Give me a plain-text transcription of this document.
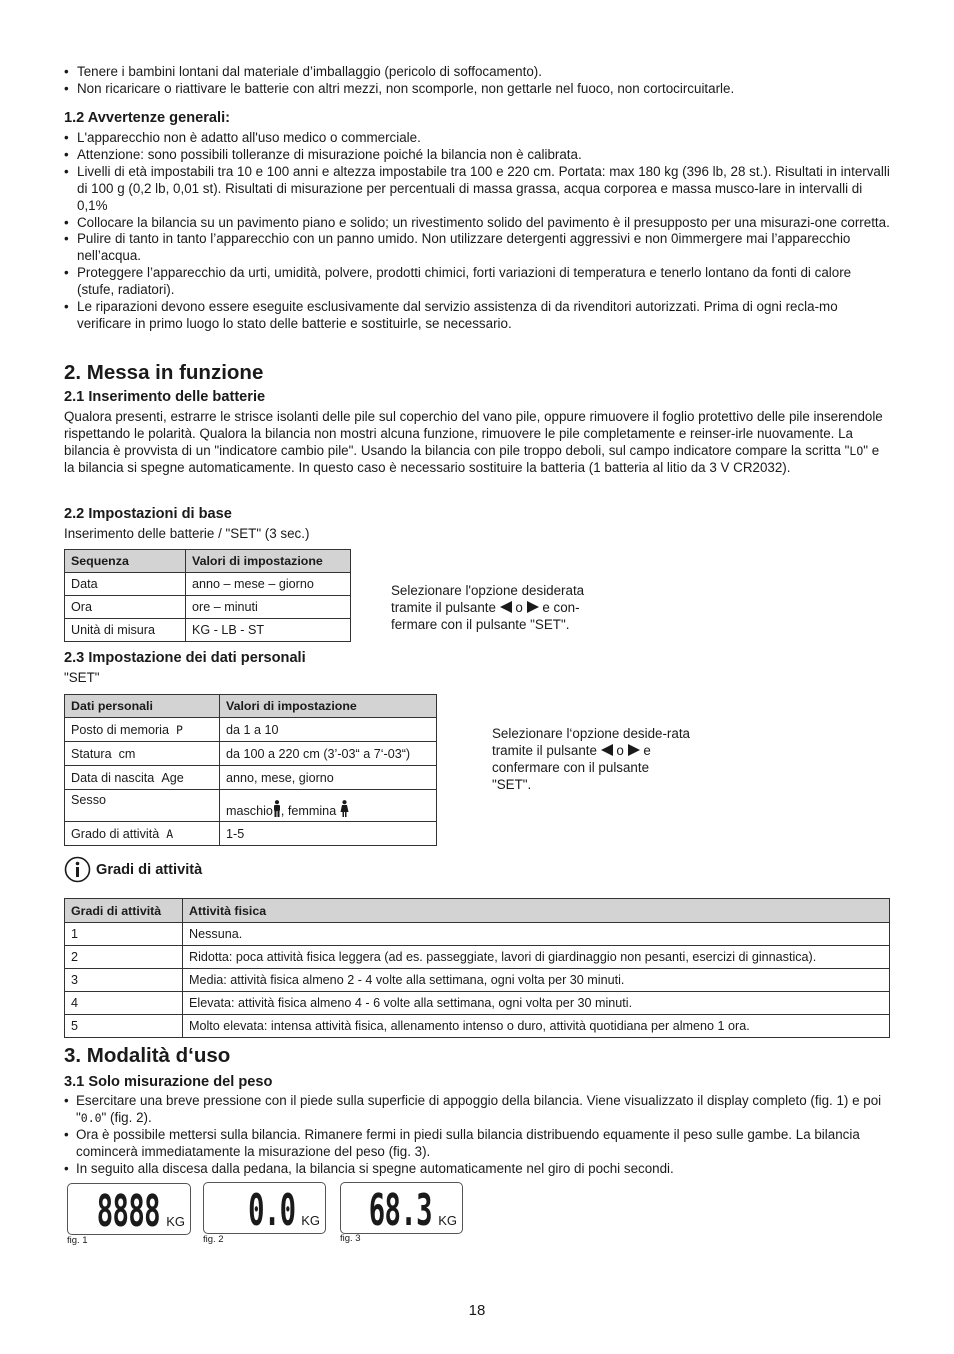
• Tenere i bambini lontani dal materiale d’imballaggio (pericolo di soffocamento).
• Non ricaricare o riattivare le batterie con altri mezzi, non scomporle, non gettarle nel fuoco, non cortocircuitarle.
1.2 Avvertenze generali:
• L'apparecchio non è adatto all'uso medico o commerciale.
• Attenzione: sono possibili tolleranze di misurazione poiché la bilancia non è calibrata.
• Livelli di età impostabili tra 10 e 100 anni e altezza impostabile tra 100 e 220 cm. Portata: max 180 kg (396 lb, 28 st.). Risultati in intervalli di 100 g (0,2 lb, 0,01 st). Risultati di misurazione per percentuali di massa grassa, acqua corporea e massa musco-lare in intervalli di 0,1%
• Collocare la bilancia su un pavimento piano e solido; un rivestimento solido del pavimento è il presupposto per una misurazi-one corretta.
• Pulire di tanto in tanto l’apparecchio con un panno umido. Non utilizzare detergenti aggressivi e non 0immergere mai l’apparecchio nell’acqua.
• Proteggere l’apparecchio da urti, umidità, polvere, prodotti chimici, forti variazioni di temperatura e tenerlo lontano da fonti di calore (stufe, radiatori).
• Le riparazioni devono essere eseguite esclusivamente dal servizio assistenza di da rivenditori autorizzati. Prima di ogni recla-mo verificare in primo luogo lo stato delle batterie e sostituirle, se necessario.
2. Messa in funzione
2.1 Inserimento delle batterie

Qualora presenti, estrarre le strisce isolanti delle pile sul coperchio del vano pile, oppure rimuovere il foglio protettivo delle pile inserendole rispettando le polarità. Qualora la bilancia non mostri alcuna funzione, rimuovere le pile completamente e reinser-irle nuovamente. La bilancia è provvista di un "indicatore cambio pile". Usando la bilancia con pile troppo deboli, sul campo indicatore compare la scritta "LO" e la bilancia si spegne automaticamente. In questo caso è necessario sostituire la batteria (1 batteria al litio da 3 V CR2032).

2.2 Impostazioni di base
Inserimento delle batterie / "SET" (3 sec.)
Sequenza	Valori di impostazione
Data	anno – mese – giorno
Ora	ore – minuti
Unità di misura	KG - LB - ST
Selezionare l'opzione desiderata tramite il pulsante o e con-fermare con il pulsante "SET".
2.3 Impostazione dei dati personali
"SET"
Dati personali	Valori di impostazione
Posto di memoria P	da 1 a 10
Statura cm	da 100 a 220 cm (3’-03“ a 7‘-03“)
Data di nascita Age	anno, mese, giorno
Sesso	maschio , femmina
Grado di attività A	1-5
Selezionare l‘opzione deside-rata tramite il pulsante o e confermare con il pulsante "SET".
Gradi di attività
Gradi di attività	Attività fisica
1	Nessuna.
2	Ridotta: poca attività fisica leggera (ad es. passeggiate, lavori di giardinaggio non pesanti, esercizi di ginnastica).
3	Media: attività fisica almeno 2 - 4 volte alla settimana, ogni volta per 30 minuti.
4	Elevata: attività fisica almeno 4 - 6 volte alla settimana, ogni volta per 30 minuti.
5	Molto elevata: intensa attività fisica, allenamento intenso o duro, attività quotidiana per almeno 1 ora.
3. Modalità d‘uso
3.1 Solo misurazione del peso
• Esercitare una breve pressione con il piede sulla superficie di appoggio della bilancia. Viene visualizzato il display completo (fig. 1) e poi "0.0" (fig. 2).
• Ora è possibile mettersi sulla bilancia. Rimanere fermi in piedi sulla bilancia distribuendo equamente il peso sulle gambe. La bilancia comincerà immediatamente la misurazione del peso (fig. 3).
• In seguito alla discesa dalla pedana, la bilancia si spegne automaticamente nel giro di pochi secondi.
8888 KG
fig. 1
0.0 KG
fig. 2
68.3 KG
fig. 3
18
